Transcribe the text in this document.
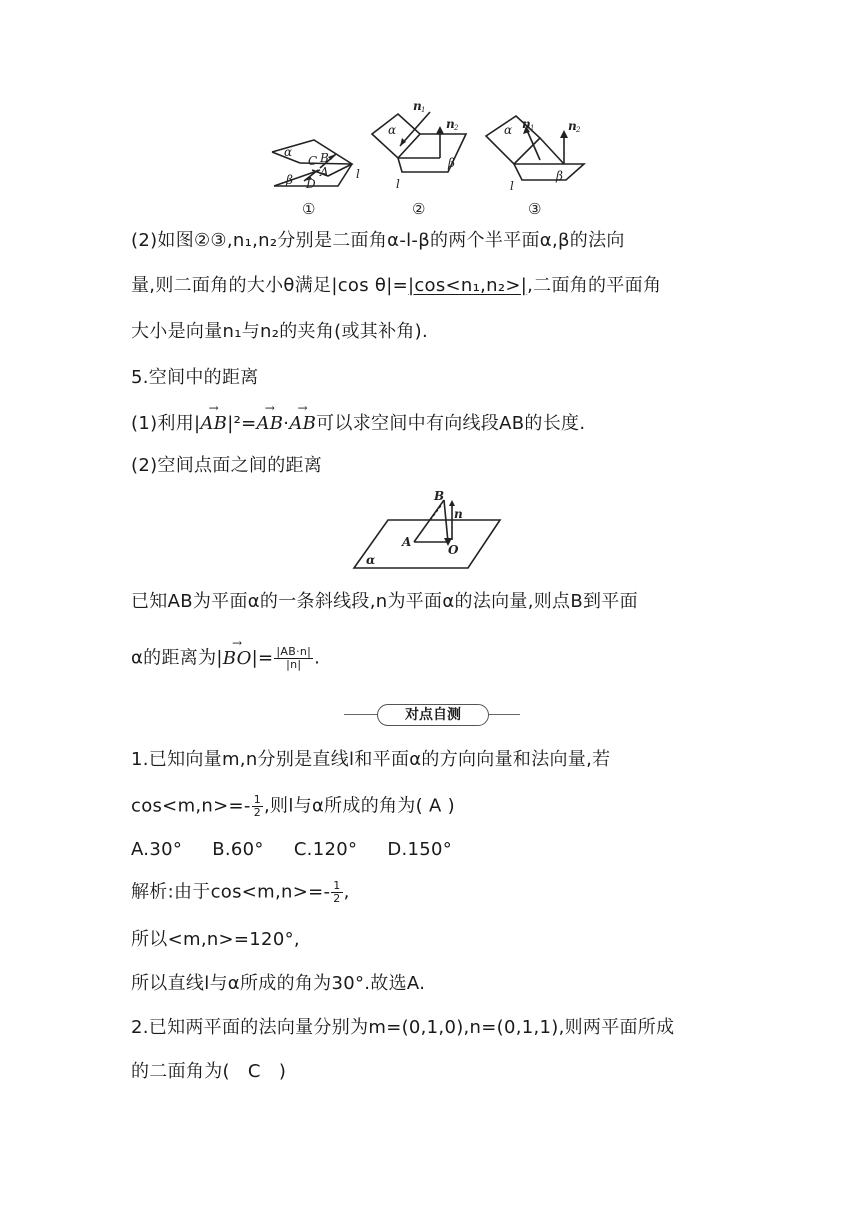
α
C B
β D
A l
α
β
l
n 1
n 2	α
β
l
n 1	n 2
①	②	③
(2)如图②③,n₁,n₂分别是二面角α-l-β的两个半平面α,β的法向
量,则二面角的大小θ满足|cos θ|=|cos<n₁,n₂>|,二面角的平面角
大小是向量n₁与n₂的夹角(或其补角).
5.空间中的距离
(1)利用|→ AB|²=→ AB·→ AB可以求空间中有向线段AB的长度.
(2)空间点面之间的距离
B
n
A
O
α
已知AB为平面α的一条斜线段,n为平面α的法向量,则点B到平面
α的距离为|→ $BO|= \frac{|AB\cdot n|}{|n|}$ .
对点自测
1.已知向量m,n分别是直线l和平面α的方向向量和法向量,若
$\cos<m,n>=- \frac{1}{2}$ ,则l与α所成的角为( A )
A.30°     B.60°     C.120°     D.150°
解析:由于$\cos<m,n>=- \frac{1}{2}$ ,
所以<m,n>=120°,
所以直线l与α所成的角为30°.故选A.
2.已知两平面的法向量分别为m=(0,1,0),n=(0,1,1),则两平面所成
的二面角为(   C   )
